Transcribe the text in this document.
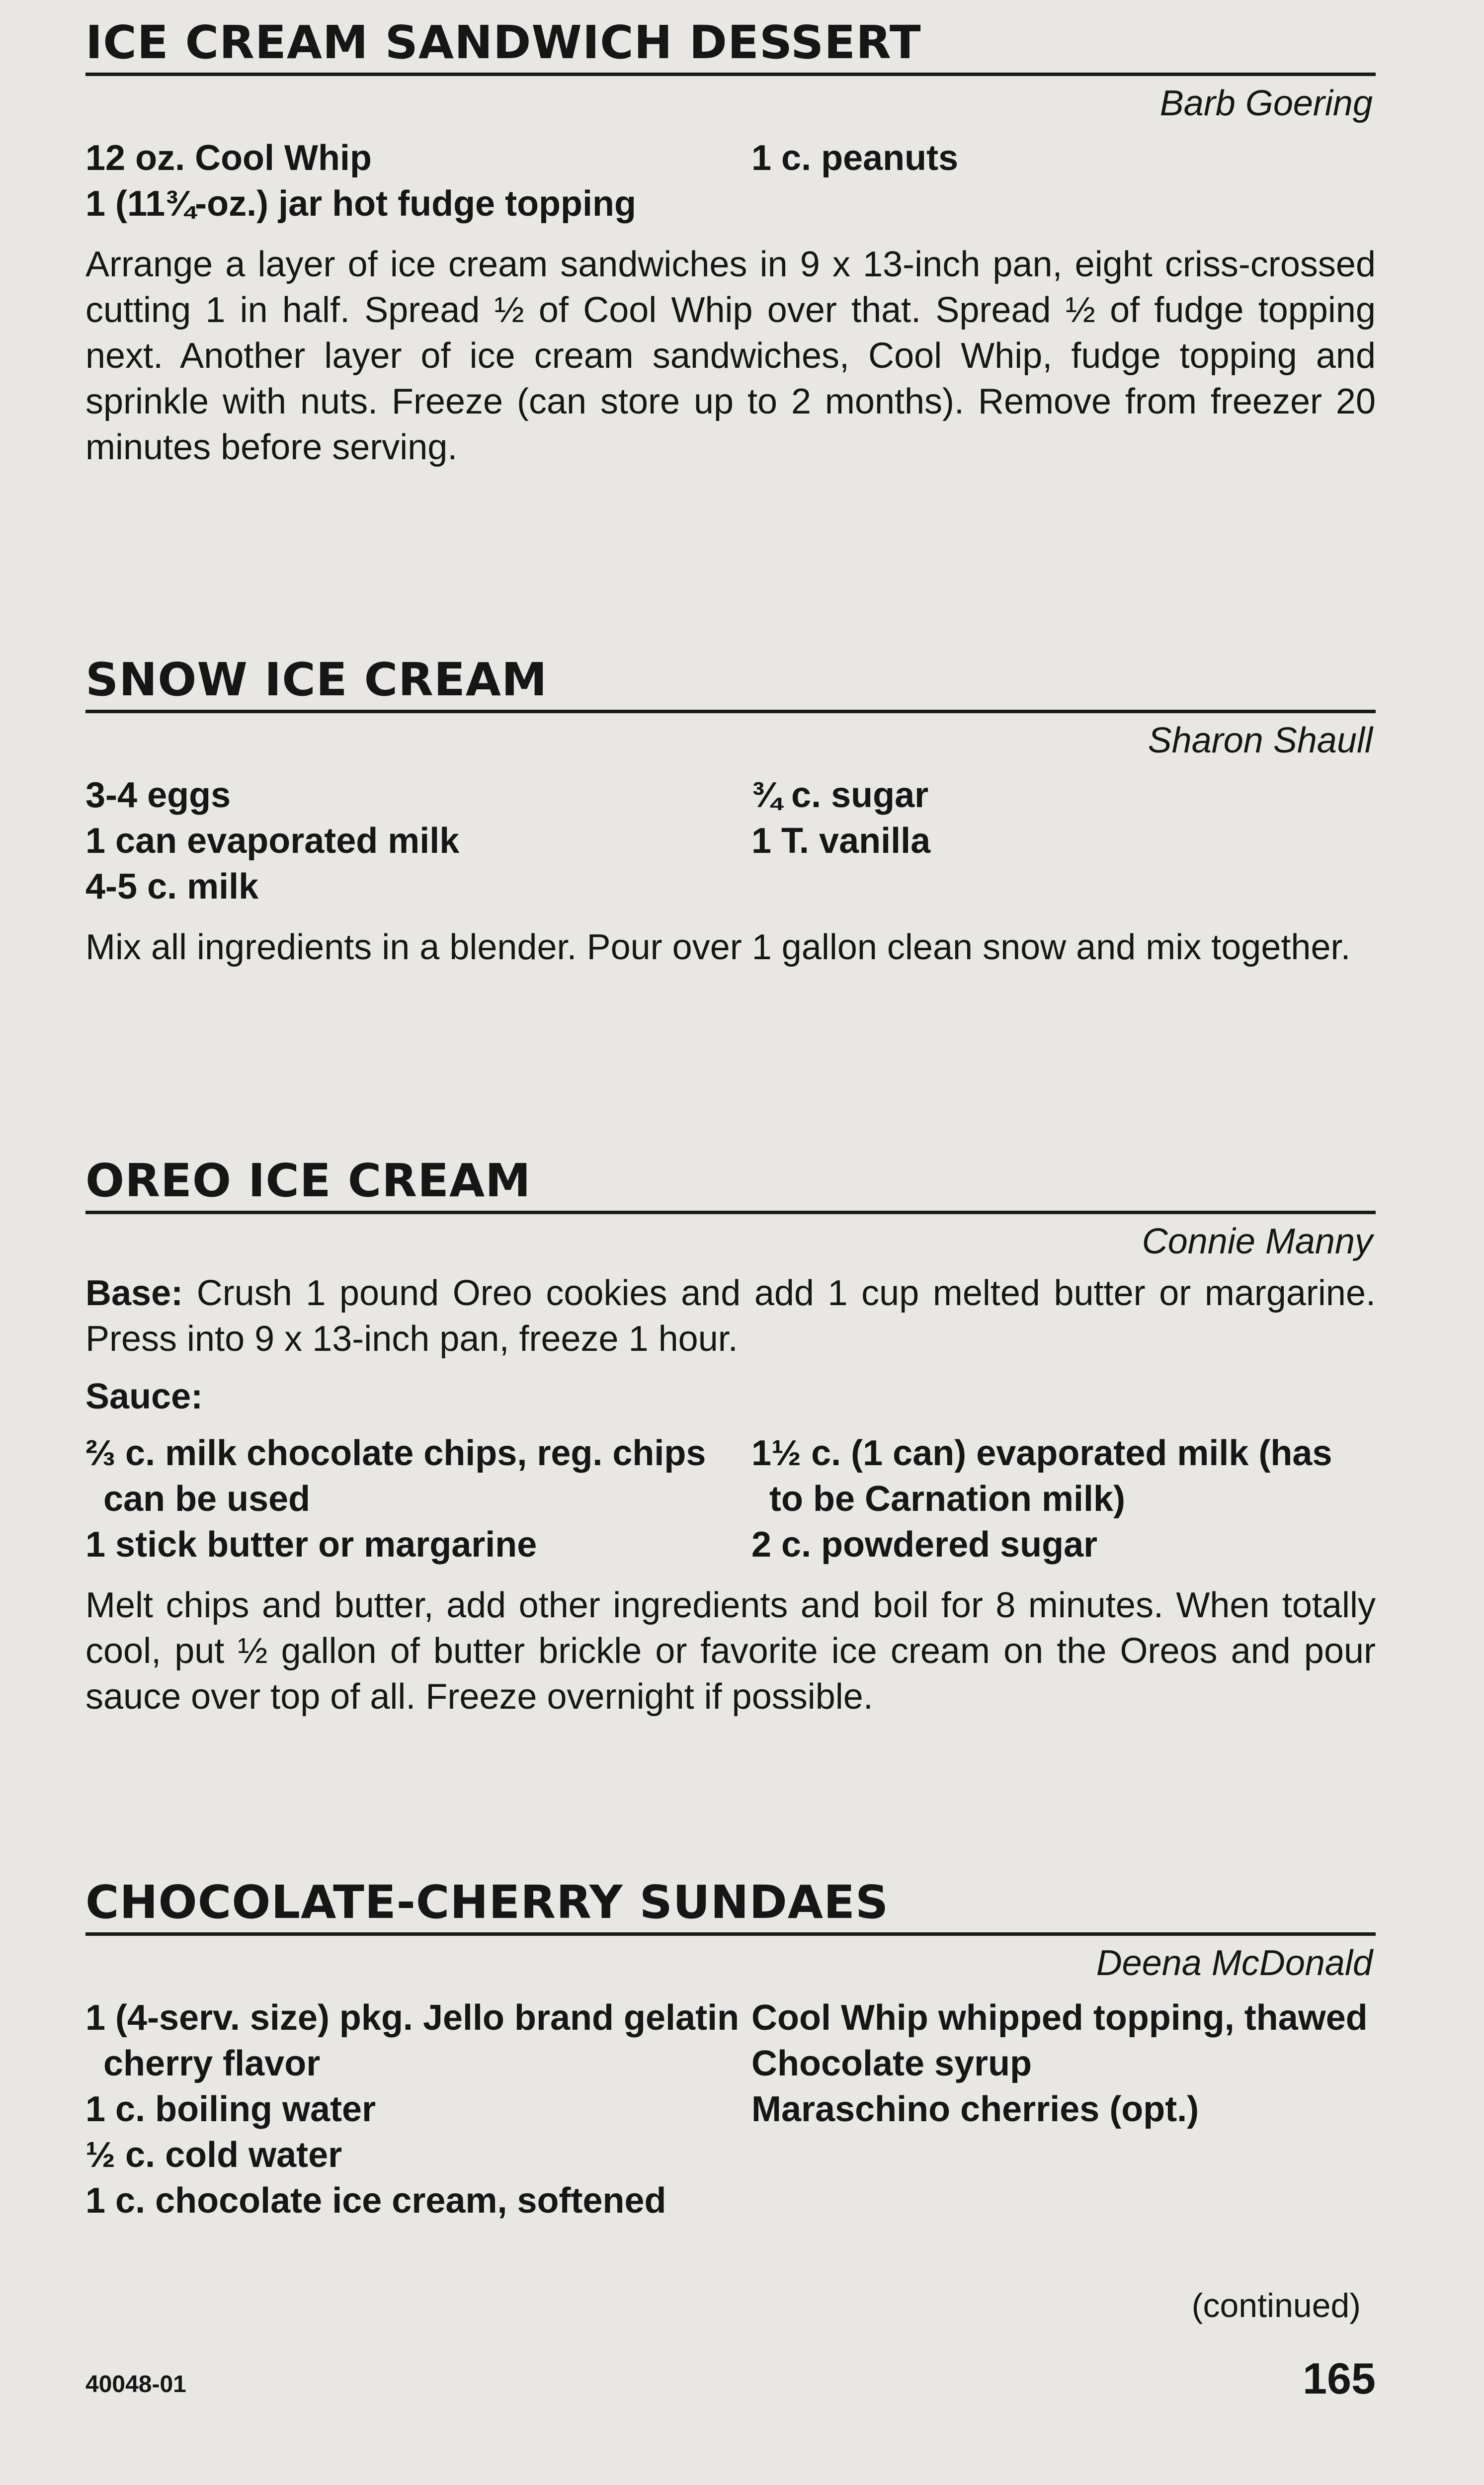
ICE CREAM SANDWICH DESSERT
Barb Goering
12 oz. Cool Whip
1 (11¾-oz.) jar hot fudge topping
1 c. peanuts
Arrange a layer of ice cream sandwiches in 9 x 13-inch pan, eight criss-crossed cutting 1 in half. Spread ½ of Cool Whip over that. Spread ½ of fudge topping next. Another layer of ice cream sandwiches, Cool Whip, fudge topping and sprinkle with nuts. Freeze (can store up to 2 months). Remove from freezer 20 minutes before serving.
SNOW ICE CREAM
Sharon Shaull
3-4 eggs
1 can evaporated milk
4-5 c. milk
¾ c. sugar
1 T. vanilla
Mix all ingredients in a blender. Pour over 1 gallon clean snow and mix together.
OREO ICE CREAM
Connie Manny
Base: Crush 1 pound Oreo cookies and add 1 cup melted butter or margarine. Press into 9 x 13-inch pan, freeze 1 hour.
Sauce:
⅔ c. milk chocolate chips, reg. chips can be used
1 stick butter or margarine
1½ c. (1 can) evaporated milk (has to be Carnation milk)
2 c. powdered sugar
Melt chips and butter, add other ingredients and boil for 8 minutes. When totally cool, put ½ gallon of butter brickle or favorite ice cream on the Oreos and pour sauce over top of all. Freeze overnight if possible.
CHOCOLATE-CHERRY SUNDAES
Deena McDonald
1 (4-serv. size) pkg. Jello brand gelatin cherry flavor
1 c. boiling water
½ c. cold water
1 c. chocolate ice cream, softened
Cool Whip whipped topping, thawed
Chocolate syrup
Maraschino cherries (opt.)
(continued)
40048-01	165
